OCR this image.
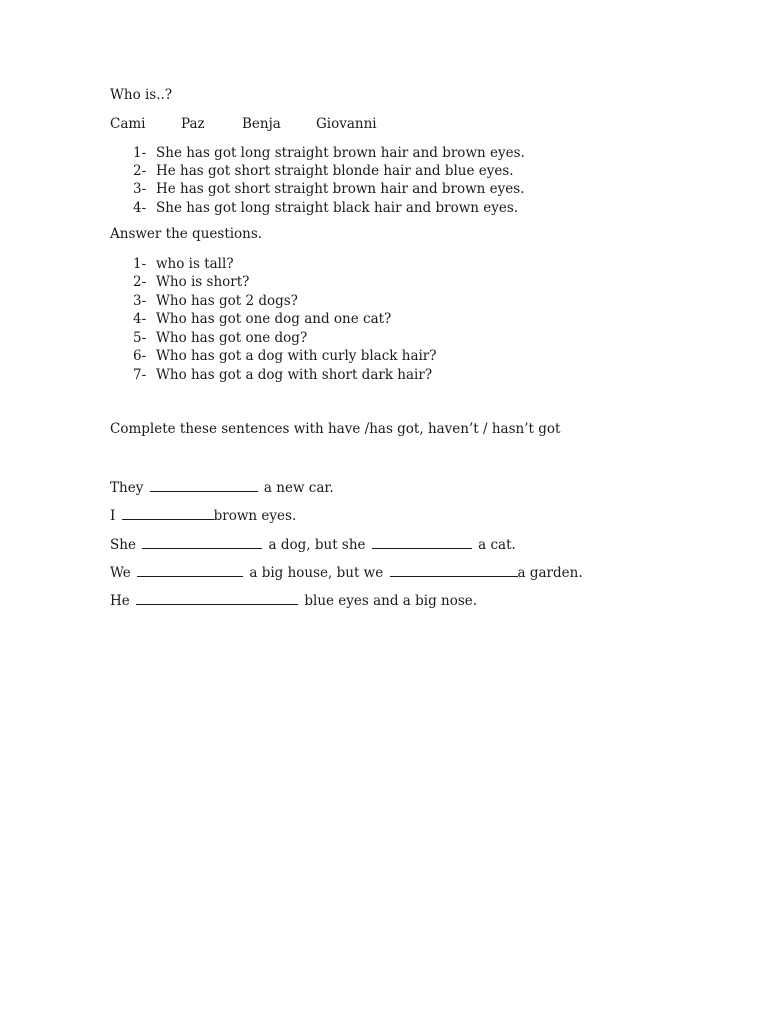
Who is..?
Cami	Paz	Benja	Giovanni
1- She has got long straight brown hair and brown eyes.
2- He has got short straight blonde hair and blue eyes.
3- He has got short straight brown hair and brown eyes.
4- She has got long straight black hair and brown eyes.
Answer the questions.
1- who is tall?
2- Who is short?
3- Who has got 2 dogs?
4- Who has got one dog and one cat?
5- Who has got one dog?
6- Who has got a dog with curly black hair?
7- Who has got a dog with short dark hair?
Complete these sentences with have /has got, haven’t / hasn’t got
They	a new car.
I	brown eyes.
She	a dog, but she	a cat.
We	a big house, but we	a garden.
He	blue eyes and a big nose.
